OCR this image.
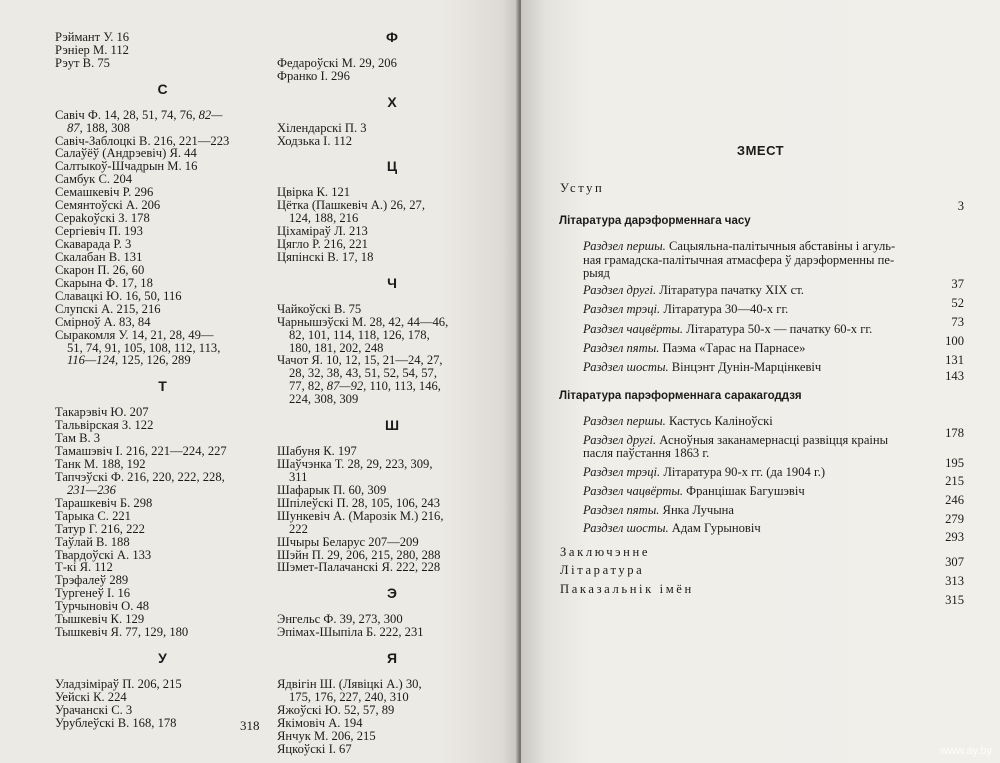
Рэймант У. 16
Рэніер М. 112
Рэут В. 75
С
Савіч Ф. 14, 28, 51, 74, 76, 82—
87, 188, 308
Савіч-Заблоцкі В. 216, 221—223
Салаўёў (Андрэевіч) Я. 44
Салтыкоў-Шчадрын М. 16
Самбук С. 204
Семашкевіч Р. 296
Семянтоўскі А. 206
Сераkоўскі З. 178
Сергіевіч П. 193
Скаварада Р. 3
Скалабан В. 131
Скарон П. 26, 60
Скарына Ф. 17, 18
Славацкі Ю. 16, 50, 116
Слупскі А. 215, 216
Смірноў А. 83, 84
Сыракомля У. 14, 21, 28, 49—
51, 74, 91, 105, 108, 112, 113,
116—124, 125, 126, 289
Т
Такарэвіч Ю. 207
Тальвірская З. 122
Там В. 3
Тамашэвіч І. 216, 221—224, 227
Танк М. 188, 192
Тапчэўскі Ф. 216, 220, 222, 228,
231—236
Тарашкевіч Б. 298
Тарыка С. 221
Татур Г. 216, 222
Таўлай В. 188
Твардоўскі А. 133
Т-кі Я. 112
Трэфалеў 289
Тургенеў І. 16
Турчыновіч О. 48
Тышкевіч К. 129
Тышкевіч Я. 77, 129, 180
У
Уладзіміраў П. 206, 215
Уейскі К. 224
Урачанскі С. 3
Урублеўскі В. 168, 178
Ф
Федароўскі М. 29, 206
Франко І. 296
Х
Хілендарскі П. 3
Ходзька І. 112
Ц
Цвірка К. 121
Цётка (Пашкевіч А.) 26, 27,
124, 188, 216
Ціхаміраў Л. 213
Цягло Р. 216, 221
Цяпінскі В. 17, 18
Ч
Чайкоўскі В. 75
Чарнышэўскі М. 28, 42, 44—46,
82, 101, 114, 118, 126, 178,
180, 181, 202, 248
Чачот Я. 10, 12, 15, 21—24, 27,
28, 32, 38, 43, 51, 52, 54, 57,
77, 82, 87—92, 110, 113, 146,
224, 308, 309
Ш
Шабуня К. 197
Шаўчэнка Т. 28, 29, 223, 309,
311
Шафарык П. 60, 309
Шпілеўскі П. 28, 105, 106, 243
Шункевіч А. (Марозік М.) 216,
222
Шчыры Беларус 207—209
Шэйн П. 29, 206, 215, 280, 288
Шэмет-Палачанскі Я. 222, 228
Э
Энгельс Ф. 39, 273, 300
Эпімах-Шыпіла Б. 222, 231
Я
Ядвігін Ш. (Лявіцкі А.) 30,
175, 176, 227, 240, 310
Яжоўскі Ю. 52, 57, 89
Якімовіч А. 194
Янчук М. 206, 215
Яцкоўскі І. 67
318
ЗМЕСТ
Уступ
3
Літаратура дарэформеннага часу
Раздзел першы. Сацыяльна-палітычныя абставіны і агуль-
ная грамадска-палітычная атмасфера ў дарэформенны пе-
рыяд
37
Раздзел другі. Літаратура пачатку XIX ст.
52
Раздзел трэці. Літаратура 30—40-х гг.
73
Раздзел чацвёрты. Літаратура 50-х — пачатку 60-х гг.
100
Раздзел пяты. Паэма «Тарас на Парнасе»
131
Раздзел шосты. Вінцэнт Дунін-Марцінкевіч
143
Літаратура парэформеннага саракагоддзя
Раздзел першы. Кастусь Каліноўскі
178
Раздзел другі. Аснoўныя заканамернасці развіцця краіны
пасля паўстання 1863 г.
195
Раздзел трэці. Літаратура 90-х гг. (да 1904 г.)
215
Раздзел чацвёрты. Францішак Багушэвіч
246
Раздзел пяты. Янка Лучына
279
Раздзел шосты. Адам Гурыновіч
293
Заключэнне
307
Літаратура
313
Паказальнік імён
315
www.ay.by
